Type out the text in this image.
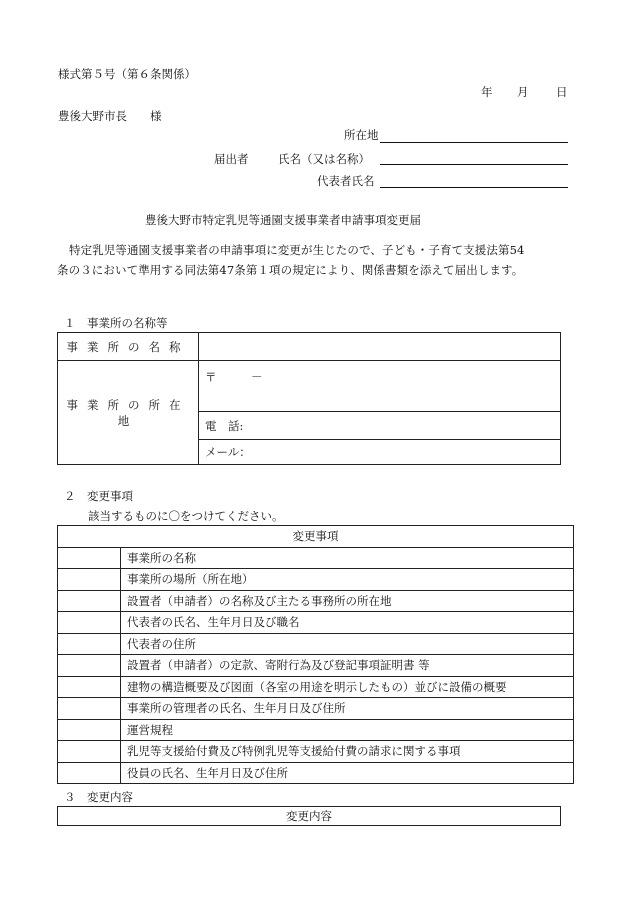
様式第５号（第６条関係）
年 月 日
豊後大野市長　　様
所在地
届出者	氏名（又は名称）
代表者氏名
豊後大野市特定乳児等通園支援事業者申請事項変更届
特定乳児等通園支援事業者の申請事項に変更が生じたので、子ども・子育て支援法第54
条の３において準用する同法第47条第１項の規定により、関係書類を添えて届出します。
１　事業所の名称等
事業所の名称	
事業所の所在地	〒　　　－
	電　話:
	メール：
２　変更事項
該当するものに〇をつけてください。
変更事項	
	事業所の名称
	事業所の場所（所在地）
	設置者（申請者）の名称及び主たる事務所の所在地
	代表者の氏名、生年月日及び職名
	代表者の住所
	設置者（申請者）の定款、寄附行為及び登記事項証明書 等
	建物の構造概要及び図面（各室の用途を明示したもの）並びに設備の概要
	事業所の管理者の氏名、生年月日及び住所
	運営規程
	乳児等支援給付費及び特例乳児等支援給付費の請求に関する事項
	役員の氏名、生年月日及び住所
３　変更内容
変更内容
